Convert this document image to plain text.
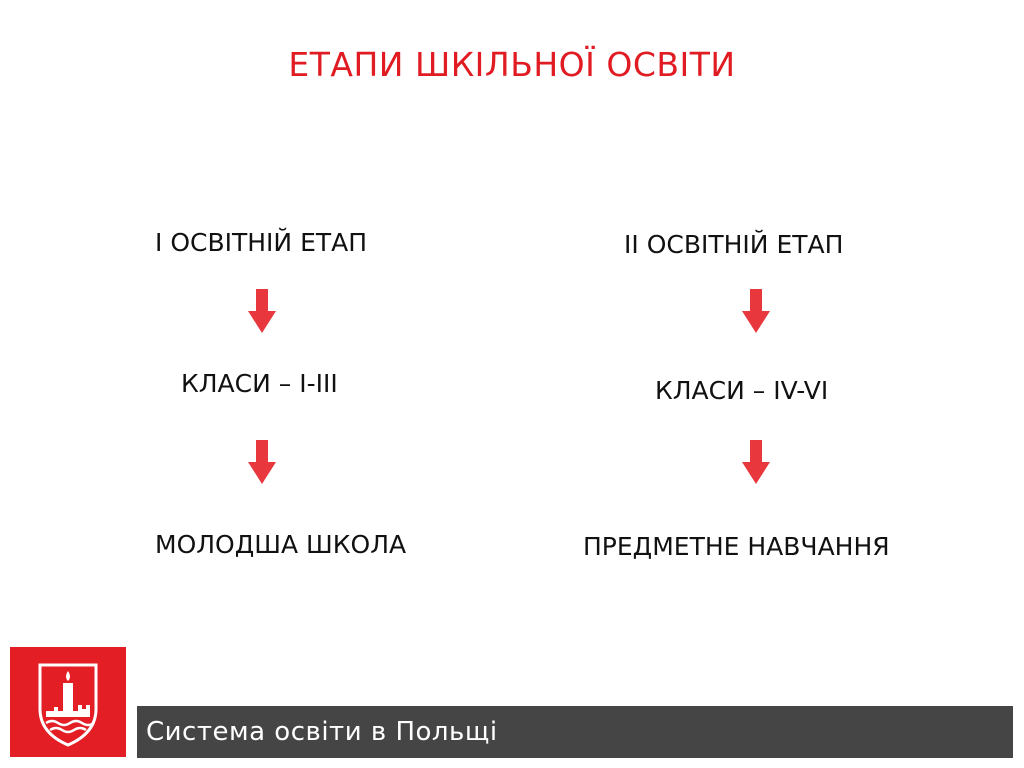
ЕТАПИ ШКІЛЬНОЇ ОСВІТИ
I ОСВІТНІЙ ЕТАП
КЛАСИ – I-III
МОЛОДША ШКОЛА
II ОСВІТНІЙ ЕТАП
КЛАСИ – IV-VI
ПРЕДМЕТНЕ НАВЧАННЯ
Система освіти в Польщі
